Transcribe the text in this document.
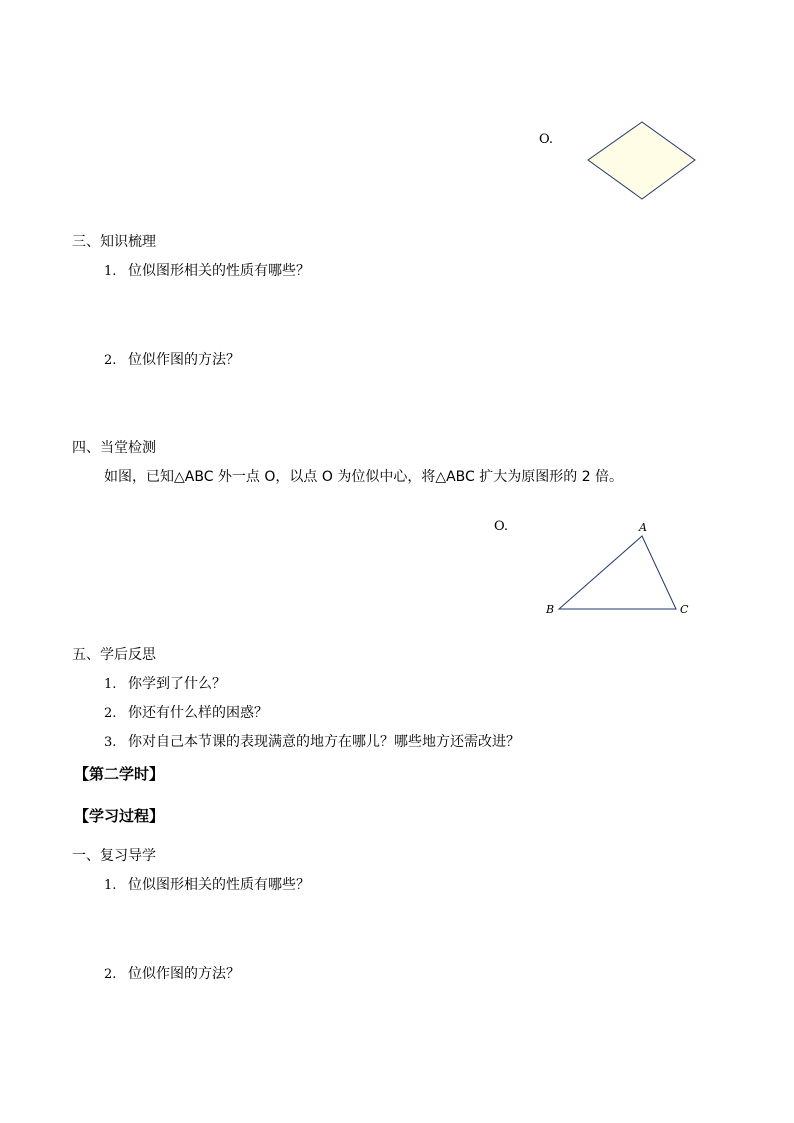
O.
三、知识梳理
1. 位似图形相关的性质有哪些？
2. 位似作图的方法？
四、当堂检测
如图，已知△ABC 外一点 O，以点 O 为位似中心，将△ABC 扩大为原图形的 2 倍。
O.	A
B	C
五、学后反思
1. 你学到了什么？
2. 你还有什么样的困惑？
3. 你对自己本节课的表现满意的地方在哪儿？哪些地方还需改进？
【第二学时】
【学习过程】
一、复习导学
1. 位似图形相关的性质有哪些？
2. 位似作图的方法？
